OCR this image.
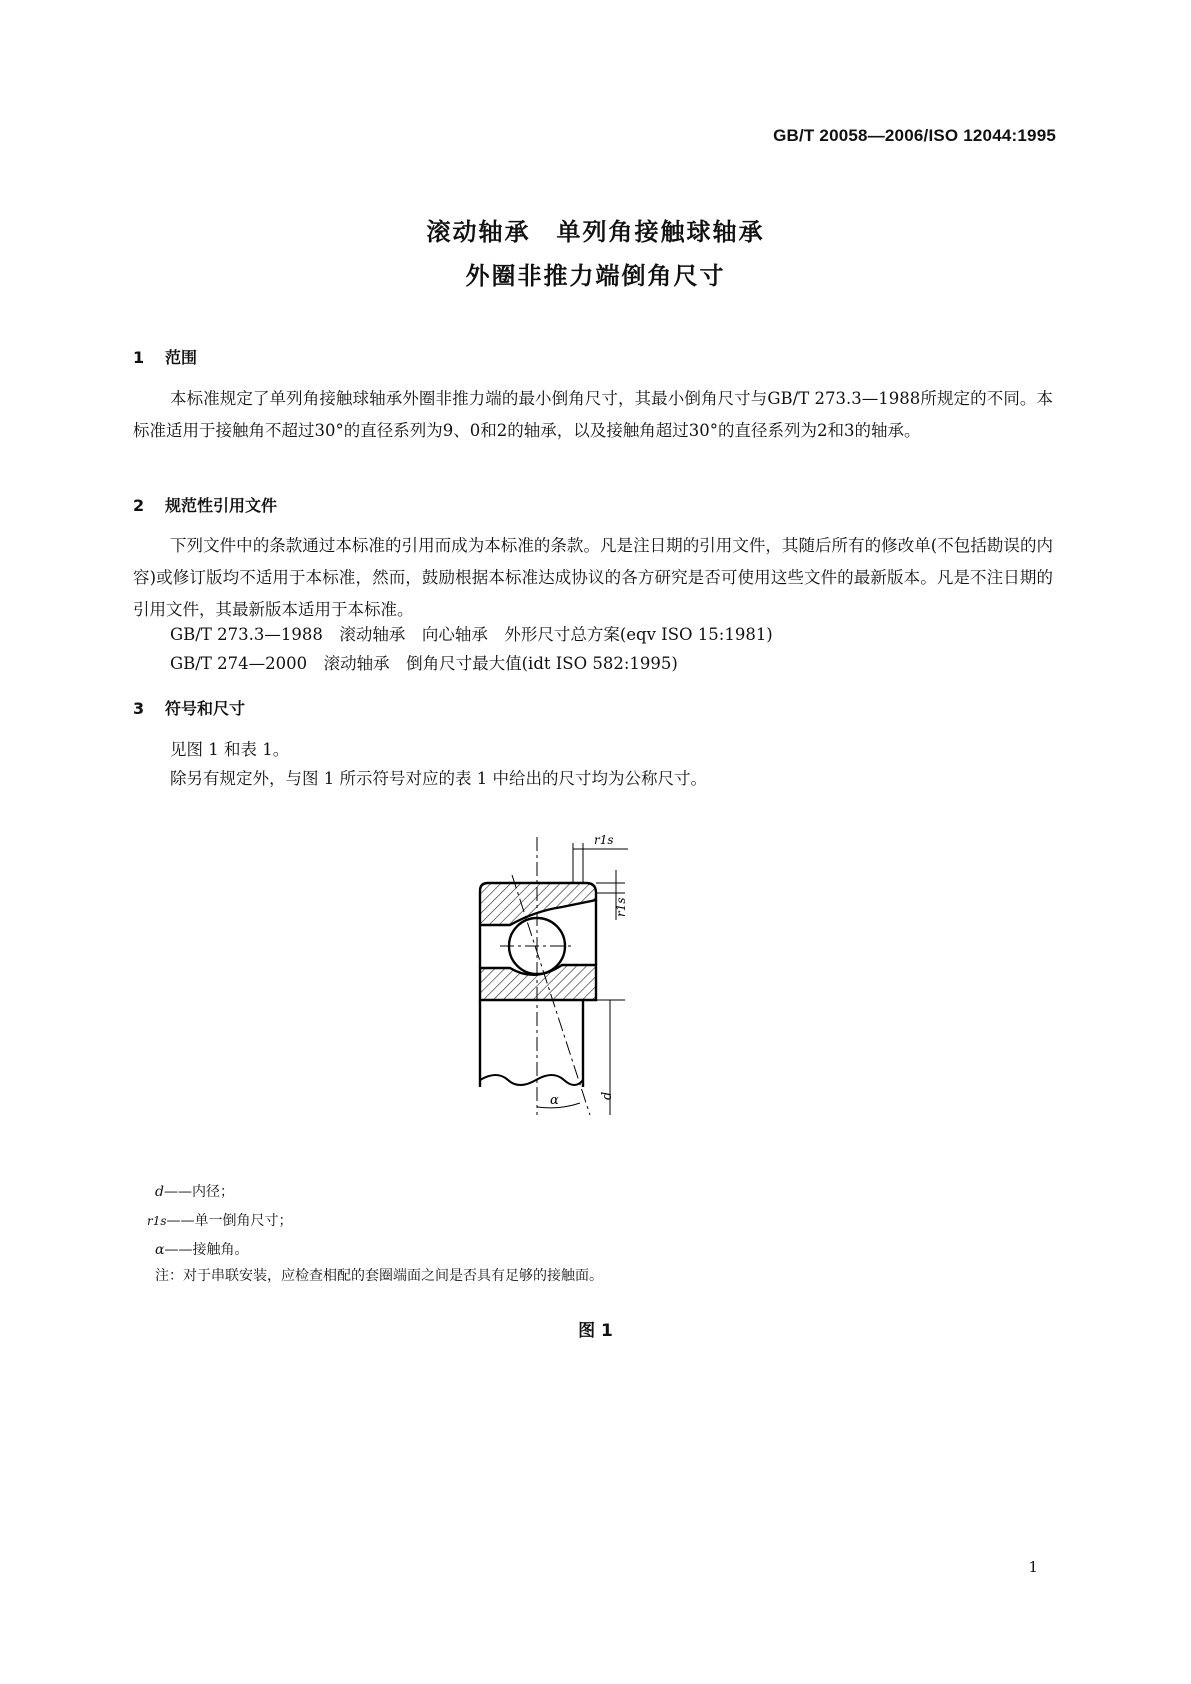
GB/T 20058—2006/ISO 12044:1995
滚动轴承　单列角接触球轴承
外圈非推力端倒角尺寸
1 范围

本标准规定了单列角接触球轴承外圈非推力端的最小倒角尺寸，其最小倒角尺寸与GB/T 273.3—1988所规定的不同。本标准适用于接触角不超过30°的直径系列为9、0和2的轴承，以及接触角超过30°的直径系列为2和3的轴承。

2 规范性引用文件

下列文件中的条款通过本标准的引用而成为本标准的条款。凡是注日期的引用文件，其随后所有的修改单(不包括勘误的内容)或修订版均不适用于本标准，然而，鼓励根据本标准达成协议的各方研究是否可使用这些文件的最新版本。凡是不注日期的引用文件，其最新版本适用于本标准。

GB/T 273.3—1988　滚动轴承　向心轴承　外形尺寸总方案(eqv ISO 15:1981)
GB/T 274—2000　滚动轴承　倒角尺寸最大值(idt ISO 582:1995)
3 符号和尺寸
见图 1 和表 1。
除另有规定外，与图 1 所示符号对应的表 1 中给出的尺寸均为公称尺寸。
r1s
r1s
d
α
d——内径；
r1s——单一倒角尺寸；
α——接触角。
注：对于串联安装，应检查相配的套圈端面之间是否具有足够的接触面。
图 1
1
